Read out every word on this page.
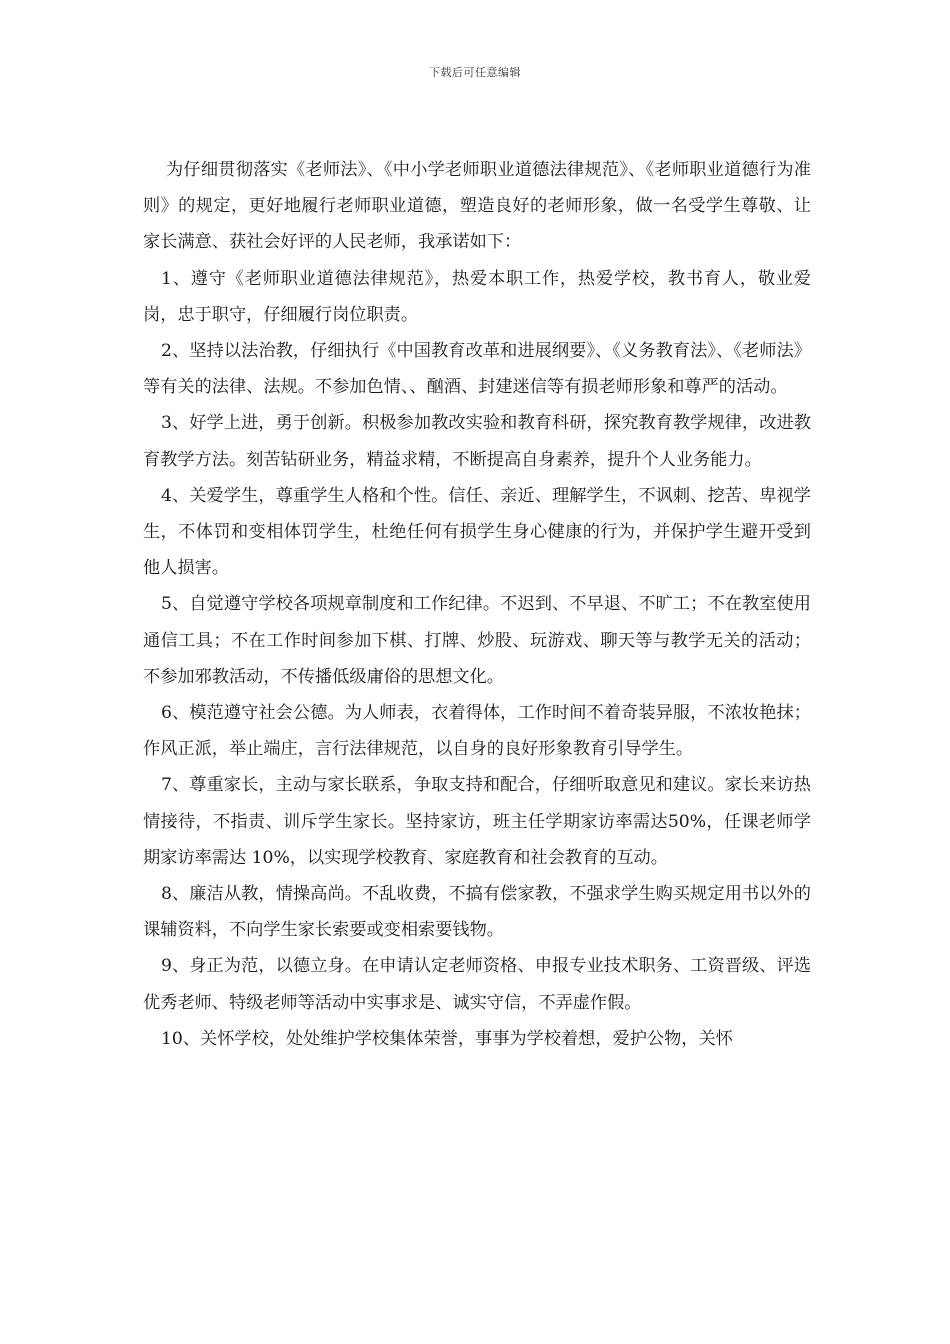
下载后可任意编辑

为仔细贯彻落实《老师法》、《中小学老师职业道德法律规范》、《老师职业道德行为准则》的规定，更好地履行老师职业道德，塑造良好的老师形象，做一名受学生尊敬、让家长满意、获社会好评的人民老师，我承诺如下：

1、遵守《老师职业道德法律规范》，热爱本职工作，热爱学校，教书育人，敬业爱岗，忠于职守，仔细履行岗位职责。

2、坚持以法治教，仔细执行《中国教育改革和进展纲要》、《义务教育法》、《老师法》等有关的法律、法规。不参加色情、、酗酒、封建迷信等有损老师形象和尊严的活动。

3、好学上进，勇于创新。积极参加教改实验和教育科研，探究教育教学规律，改进教育教学方法。刻苦钻研业务，精益求精，不断提高自身素养，提升个人业务能力。

4、关爱学生，尊重学生人格和个性。信任、亲近、理解学生，不讽刺、挖苦、卑视学生，不体罚和变相体罚学生，杜绝任何有损学生身心健康的行为，并保护学生避开受到他人损害。

5、自觉遵守学校各项规章制度和工作纪律。不迟到、不早退、不旷工；不在教室使用通信工具；不在工作时间参加下棋、打牌、炒股、玩游戏、聊天等与教学无关的活动；不参加邪教活动，不传播低级庸俗的思想文化。

6、模范遵守社会公德。为人师表，衣着得体，工作时间不着奇装异服，不浓妆艳抹；作风正派，举止端庄，言行法律规范，以自身的良好形象教育引导学生。

7、尊重家长，主动与家长联系，争取支持和配合，仔细听取意见和建议。家长来访热情接待，不指责、训斥学生家长。坚持家访，班主任学期家访率需达50%，任课老师学期家访率需达 10%，以实现学校教育、家庭教育和社会教育的互动。

8、廉洁从教，情操高尚。不乱收费，不搞有偿家教，不强求学生购买规定用书以外的课辅资料，不向学生家长索要或变相索要钱物。

9、身正为范，以德立身。在申请认定老师资格、申报专业技术职务、工资晋级、评选优秀老师、特级老师等活动中实事求是、诚实守信，不弄虚作假。

10、关怀学校，处处维护学校集体荣誉，事事为学校着想，爱护公物，关怀
